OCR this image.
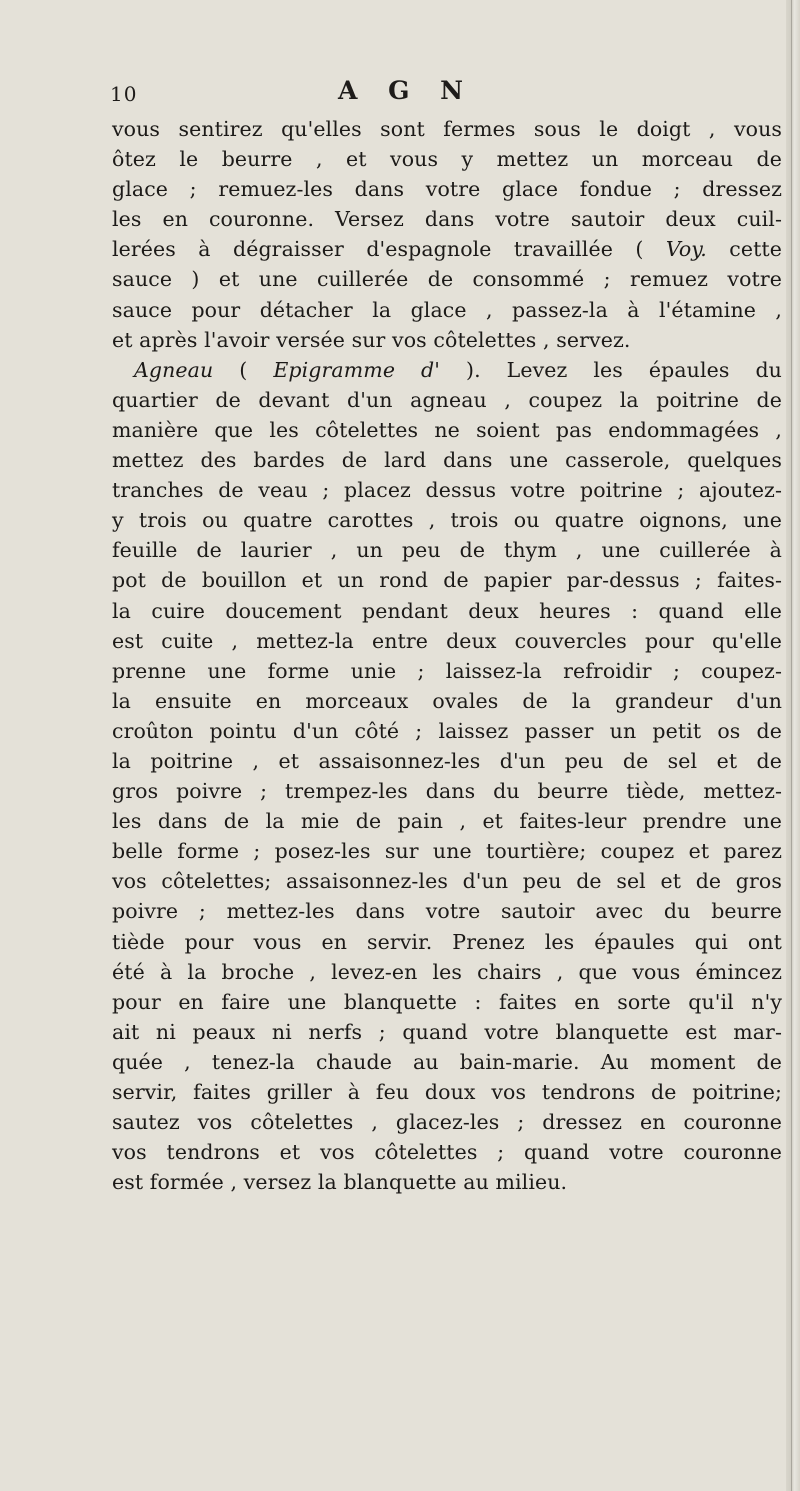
10	A G N
vous sentirez qu'elles sont fermes sous le doigt , vous
ôtez le beurre , et vous y mettez un morceau de
glace ; remuez-les dans votre glace fondue ; dressez
les en couronne. Versez dans votre sautoir deux cuil-
lerées à dégraisser d'espagnole travaillée ( Voy. cette
sauce ) et une cuillerée de consommé ; remuez votre
sauce pour détacher la glace , passez-la à l'étamine ,
et après l'avoir versée sur vos côtelettes , servez.
Agneau ( Epigramme d' ). Levez les épaules du
quartier de devant d'un agneau , coupez la poitrine de
manière que les côtelettes ne soient pas endommagées ,
mettez des bardes de lard dans une casserole, quelques
tranches de veau ; placez dessus votre poitrine ; ajoutez-
y trois ou quatre carottes , trois ou quatre oignons, une
feuille de laurier , un peu de thym , une cuillerée à
pot de bouillon et un rond de papier par-dessus ; faites-
la cuire doucement pendant deux heures : quand elle
est cuite , mettez-la entre deux couvercles pour qu'elle
prenne une forme unie ; laissez-la refroidir ; coupez-
la ensuite en morceaux ovales de la grandeur d'un
croûton pointu d'un côté ; laissez passer un petit os de
la poitrine , et assaisonnez-les d'un peu de sel et de
gros poivre ; trempez-les dans du beurre tiède, mettez-
les dans de la mie de pain , et faites-leur prendre une
belle forme ; posez-les sur une tourtière; coupez et parez
vos côtelettes; assaisonnez-les d'un peu de sel et de gros
poivre ; mettez-les dans votre sautoir avec du beurre
tiède pour vous en servir. Prenez les épaules qui ont
été à la broche , levez-en les chairs , que vous émincez
pour en faire une blanquette : faites en sorte qu'il n'y
ait ni peaux ni nerfs ; quand votre blanquette est mar-
quée , tenez-la chaude au bain-marie. Au moment de
servir, faites griller à feu doux vos tendrons de poitrine;
sautez vos côtelettes , glacez-les ; dressez en couronne
vos tendrons et vos côtelettes ; quand votre couronne
est formée , versez la blanquette au milieu.
